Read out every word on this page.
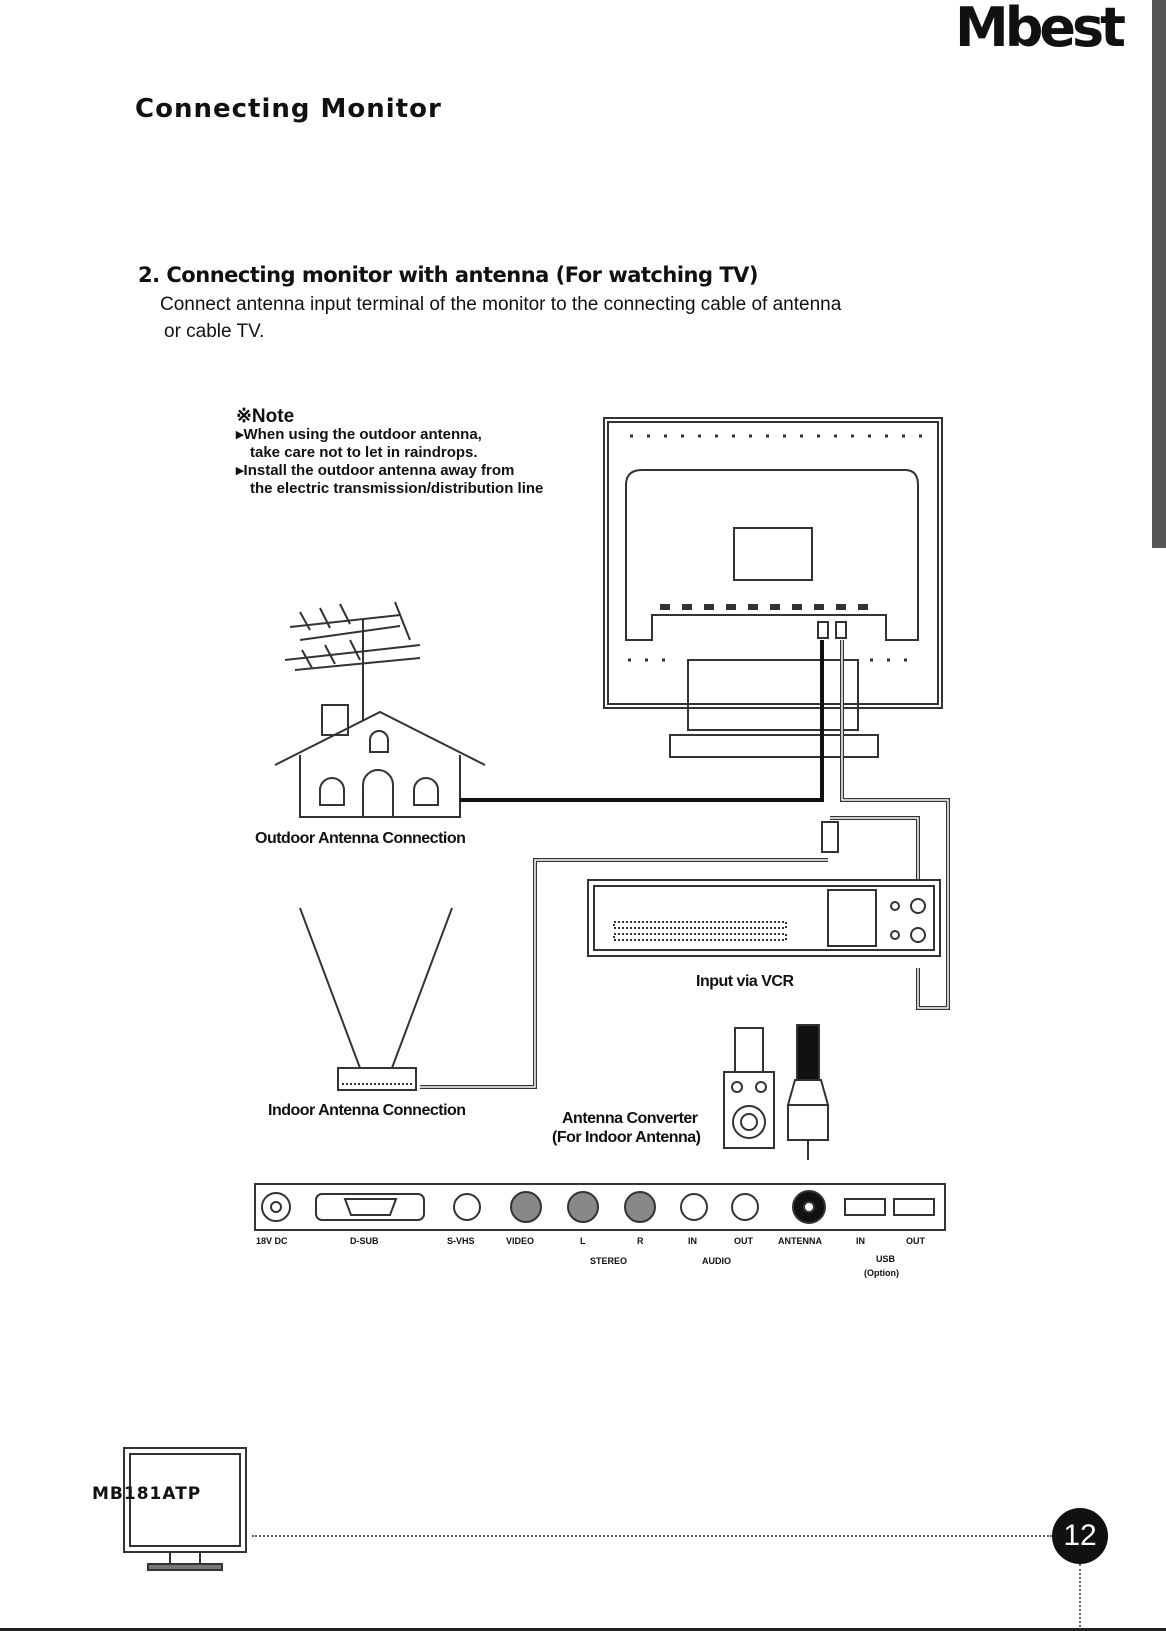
Mbest
Connecting Monitor
2. Connecting monitor with antenna (For watching TV)
Connect antenna input terminal of the monitor to the connecting cable of antenna
or cable TV.
※Note
▸When using the outdoor antenna,
take care not to let in raindrops.
▸Install the outdoor antenna away from
the electric transmission/distribution line
Outdoor Antenna Connection
Indoor Antenna Connection
Input via VCR
Antenna Converter
(For Indoor Antenna)
18V DC	D-SUB	S-VHS	VIDEO	L	R	IN	OUT	ANTENNA	IN	OUT
STEREO	AUDIO	USB
(Option)
MB181ATP
12
